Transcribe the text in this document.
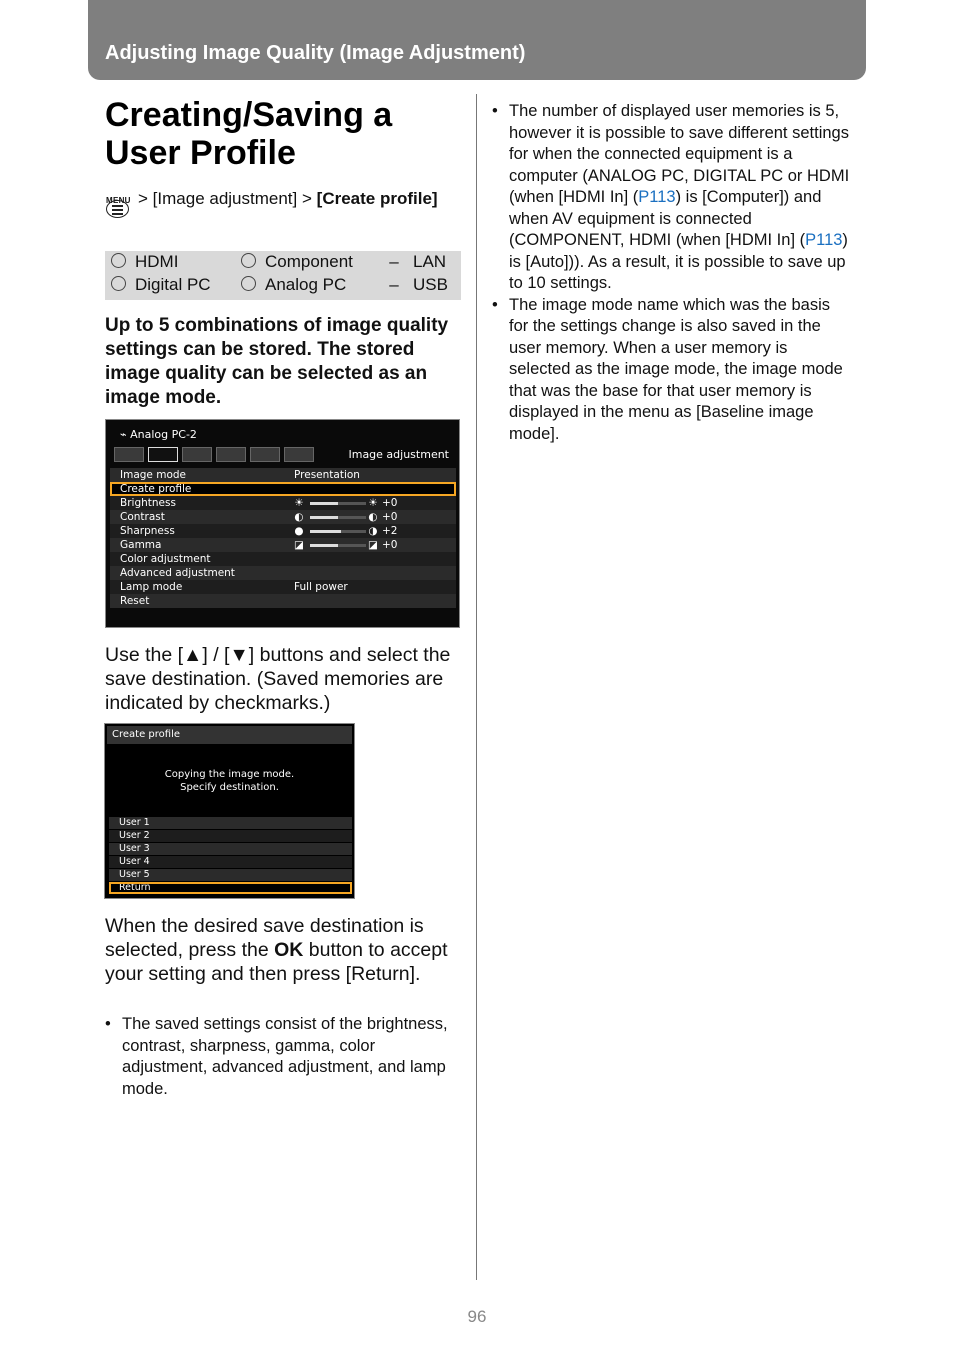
Adjusting Image Quality (Image Adjustment)
Creating/Saving a
User Profile
MENU > [Image adjustment] > [Create profile]
HDMI	Component – LAN
Digital PC	Analog PC	– USB
Up to 5 combinations of image quality settings can be stored. The stored image quality can be selected as an image mode.
⌁ Analog PC-2
Image adjustment
Image mode	Presentation
Create profile
Brightness	☀	☀ +0
Contrast	◐	◐ +0
Sharpness	●	◑ +2
Gamma	◪	◪ +0
Color adjustment
Advanced adjustment
Lamp mode	Full power
Reset
Use the [▲] / [▼] buttons and select the save destination. (Saved memories are indicated by checkmarks.)
Create profile
Copying the image mode.
Specify destination.
User 1
User 2
User 3
User 4
User 5
Return
When the desired save destination is selected, press the OK button to accept your setting and then press [Return].
• The saved settings consist of the brightness, contrast, sharpness, gamma, color adjustment, advanced adjustment, and lamp mode.
• The number of displayed user memories is 5, however it is possible to save different settings for when the connected equipment is a computer (ANALOG PC, DIGITAL PC or HDMI (when [HDMI In] (P113) is [Computer]) and when AV equipment is connected (COMPONENT, HDMI (when [HDMI In] (P113) is [Auto])). As a result, it is possible to save up to 10 settings.
• The image mode name which was the basis for the settings change is also saved in the user memory. When a user memory is selected as the image mode, the image mode that was the base for that user memory is displayed in the menu as [Baseline image mode].
96
